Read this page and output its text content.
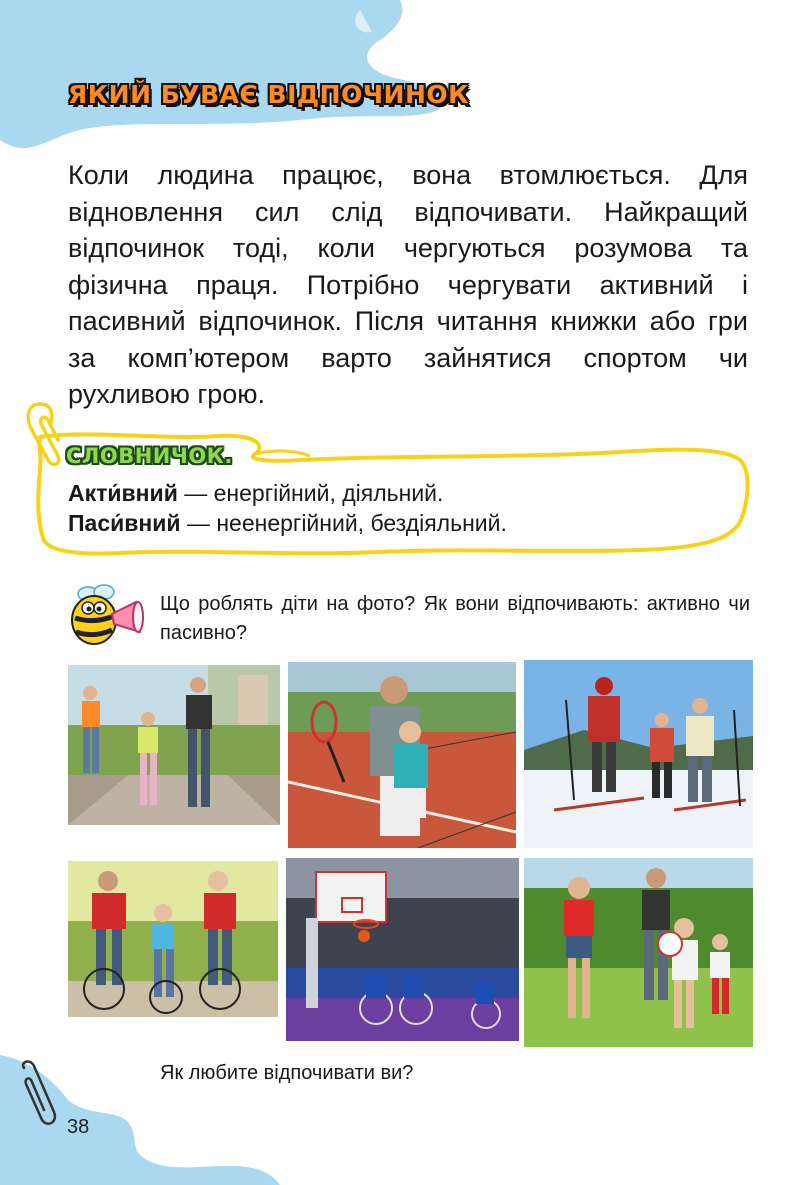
ЯКИЙ БУВАЄ ВІДПОЧИНОК

Коли людина працює, вона втомлюється. Для відновлення сил слід відпочивати. Найкращий відпочинок тоді, коли чергуються розумова та фізична праця. Потрібно чергувати активний і пасивний відпочинок. Після читання книжки або гри за комп’ютером варто зайнятися спортом чи рухливою грою.

СЛОВНИЧОК.
Акти́вний — енергійний, діяльний.
Паси́вний — неенергійний, бездіяльний.

Що роблять діти на фото? Як вони відпочивають: активно чи пасивно?

Як любите відпочивати ви?

38
